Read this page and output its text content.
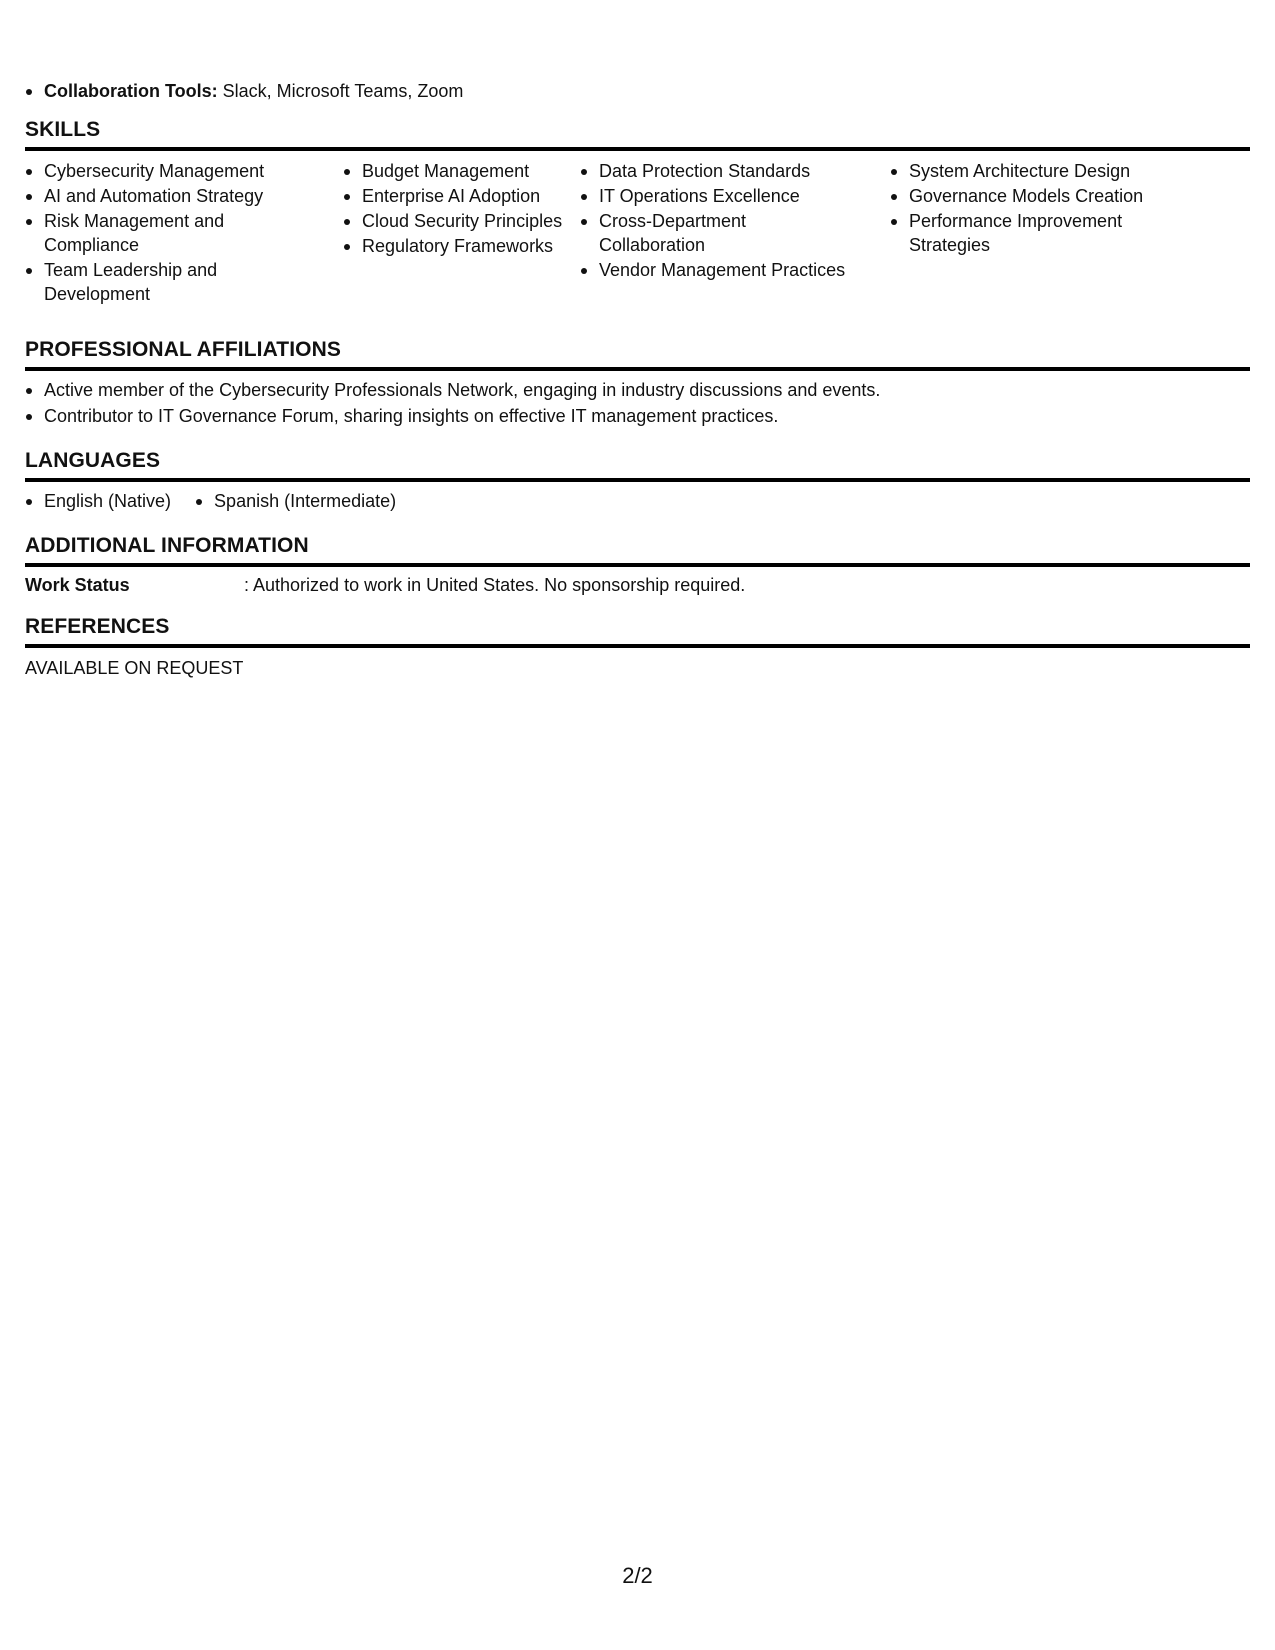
Collaboration Tools: Slack, Microsoft Teams, Zoom
SKILLS
Cybersecurity Management
AI and Automation Strategy
Risk Management and Compliance
Team Leadership and Development
Budget Management
Enterprise AI Adoption
Cloud Security Principles
Regulatory Frameworks
Data Protection Standards
IT Operations Excellence
Cross-Department Collaboration
Vendor Management Practices
System Architecture Design
Governance Models Creation
Performance Improvement Strategies
PROFESSIONAL AFFILIATIONS
Active member of the Cybersecurity Professionals Network, engaging in industry discussions and events.
Contributor to IT Governance Forum, sharing insights on effective IT management practices.
LANGUAGES
English (Native)	Spanish (Intermediate)
ADDITIONAL INFORMATION
Work Status	: Authorized to work in United States. No sponsorship required.
REFERENCES
AVAILABLE ON REQUEST
2/2
